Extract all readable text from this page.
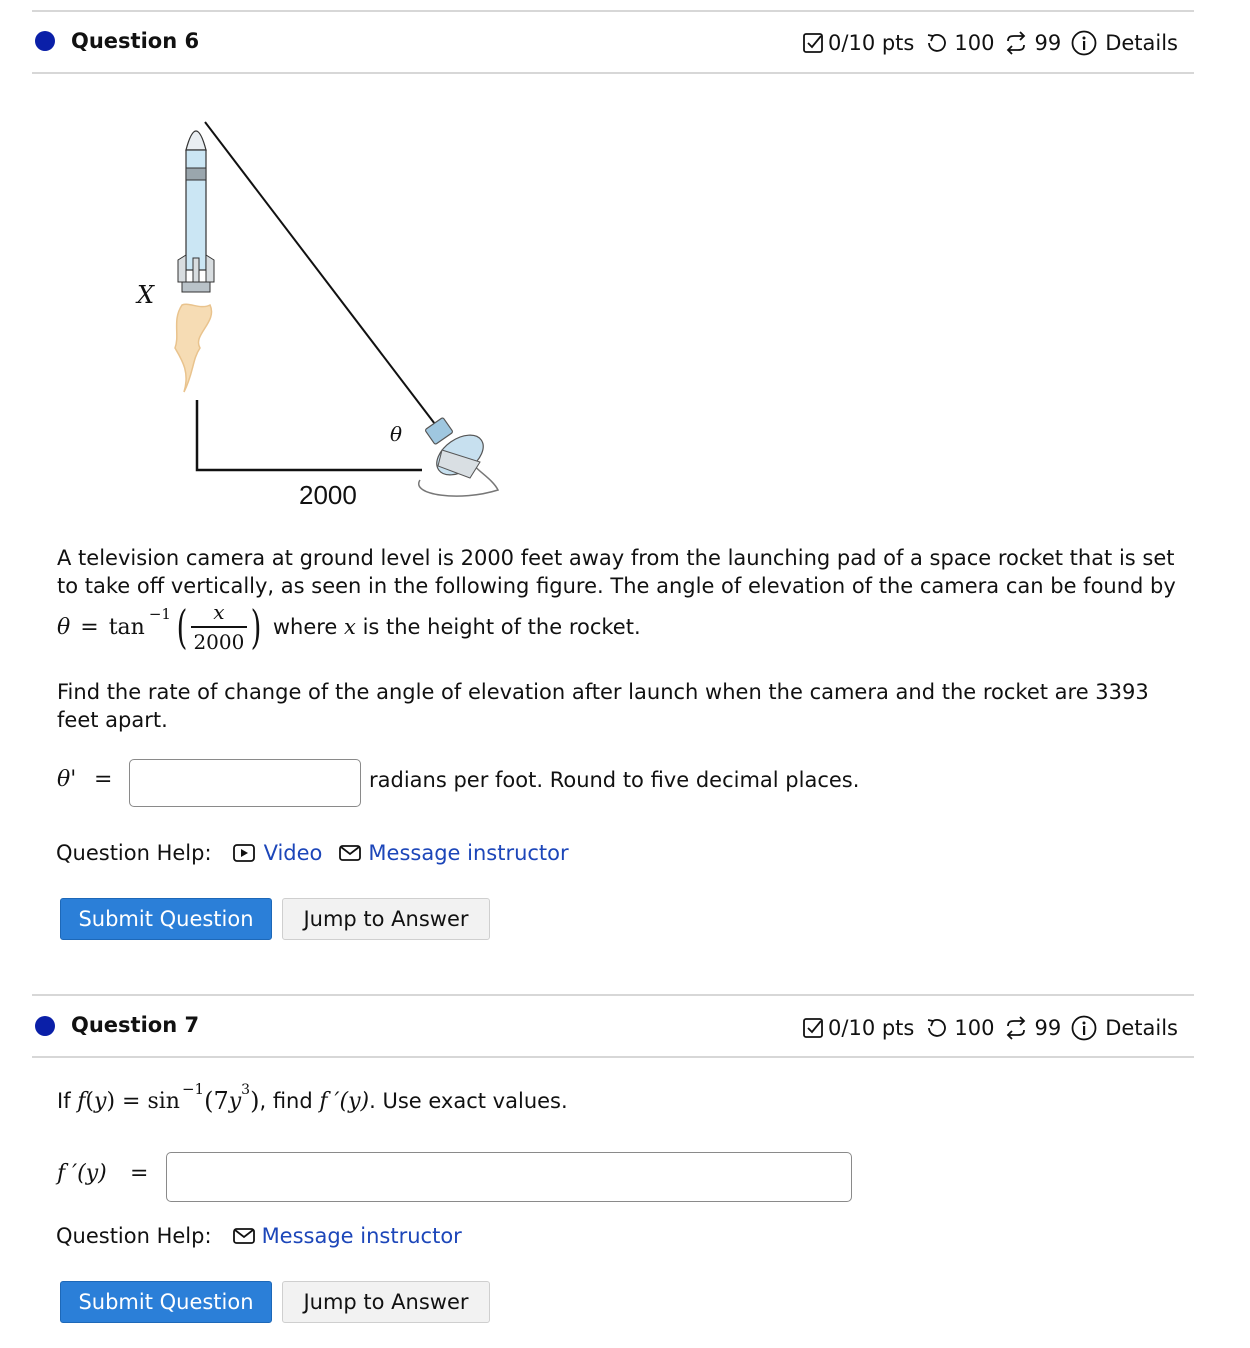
Question 6	0/10 pts 100 99 Details
X
θ
2000
A television camera at ground level is 2000 feet away from the launching pad of a space rocket that is set
to take off vertically, as seen in the following figure. The angle of elevation of the camera can be found by
θ = tan
−1 ( x
2000 ) where x is the height of the rocket.
Find the rate of change of the angle of elevation after launch when the camera and the rocket are 3393
feet apart.
θ' =	radians per foot. Round to five decimal places.
Question Help: Video Message instructor
Submit Question	Jump to Answer
Question 7	0/10 pts 100 99 Details
If f ( y ) = sin −1 (7 y 3 ) , find f ′ (y) . Use exact values.
f ′(y) =
Question Help: Message instructor
Submit Question	Jump to Answer
